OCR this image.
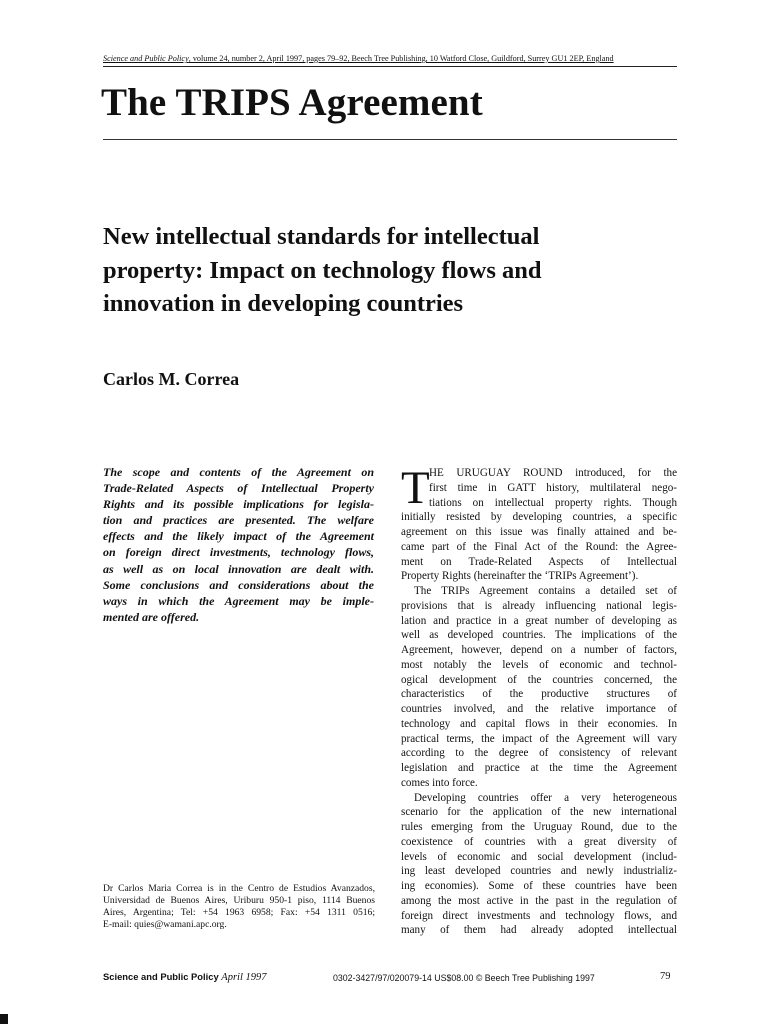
Science and Public Policy, volume 24, number 2, April 1997, pages 79–92, Beech Tree Publishing, 10 Watford Close, Guildford, Surrey GU1 2EP, England
The TRIPS Agreement
New intellectual standards for intellectual
property: Impact on technology flows and
innovation in developing countries

Carlos M. Correa

The scope and contents of the Agreement on
Trade-Related Aspects of Intellectual Property
Rights and its possible implications for legisla-
tion and practices are presented. The welfare
effects and the likely impact of the Agreement
on foreign direct investments, technology flows,
as well as on local innovation are dealt with.
Some conclusions and considerations about the
ways in which the Agreement may be imple-
mented are offered.

Dr Carlos Maria Correa is in the Centro de Estudios Avanzados,
Universidad de Buenos Aires, Uriburu 950-1 piso, 1114 Buenos
Aires, Argentina; Tel: +54 1963 6958; Fax: +54 1311 0516;
E-mail: quies@wamani.apc.org.

T HE URUGUAY ROUND introduced, for the
first time in GATT history, multilateral nego-
tiations on intellectual property rights. Though
initially resisted by developing countries, a specific
agreement on this issue was finally attained and be-
came part of the Final Act of the Round: the Agree-
ment on Trade-Related Aspects of Intellectual
Property Rights (hereinafter the ‘TRIPs Agreement’).
The TRIPs Agreement contains a detailed set of
provisions that is already influencing national legis-
lation and practice in a great number of developing as
well as developed countries. The implications of the
Agreement, however, depend on a number of factors,
most notably the levels of economic and technol-
ogical development of the countries concerned, the
characteristics of the productive structures of
countries involved, and the relative importance of
technology and capital flows in their economies. In
practical terms, the impact of the Agreement will vary
according to the degree of consistency of relevant
legislation and practice at the time the Agreement
comes into force.
Developing countries offer a very heterogeneous
scenario for the application of the new international
rules emerging from the Uruguay Round, due to the
coexistence of countries with a great diversity of
levels of economic and social development (includ-
ing least developed countries and newly industrializ-
ing economies). Some of these countries have been
among the most active in the past in the regulation of
foreign direct investments and technology flows, and
many of them had already adopted intellectual
Science and Public Policy April 1997	0302-3427/97/020079-14 US$08.00 © Beech Tree Publishing 1997	79
